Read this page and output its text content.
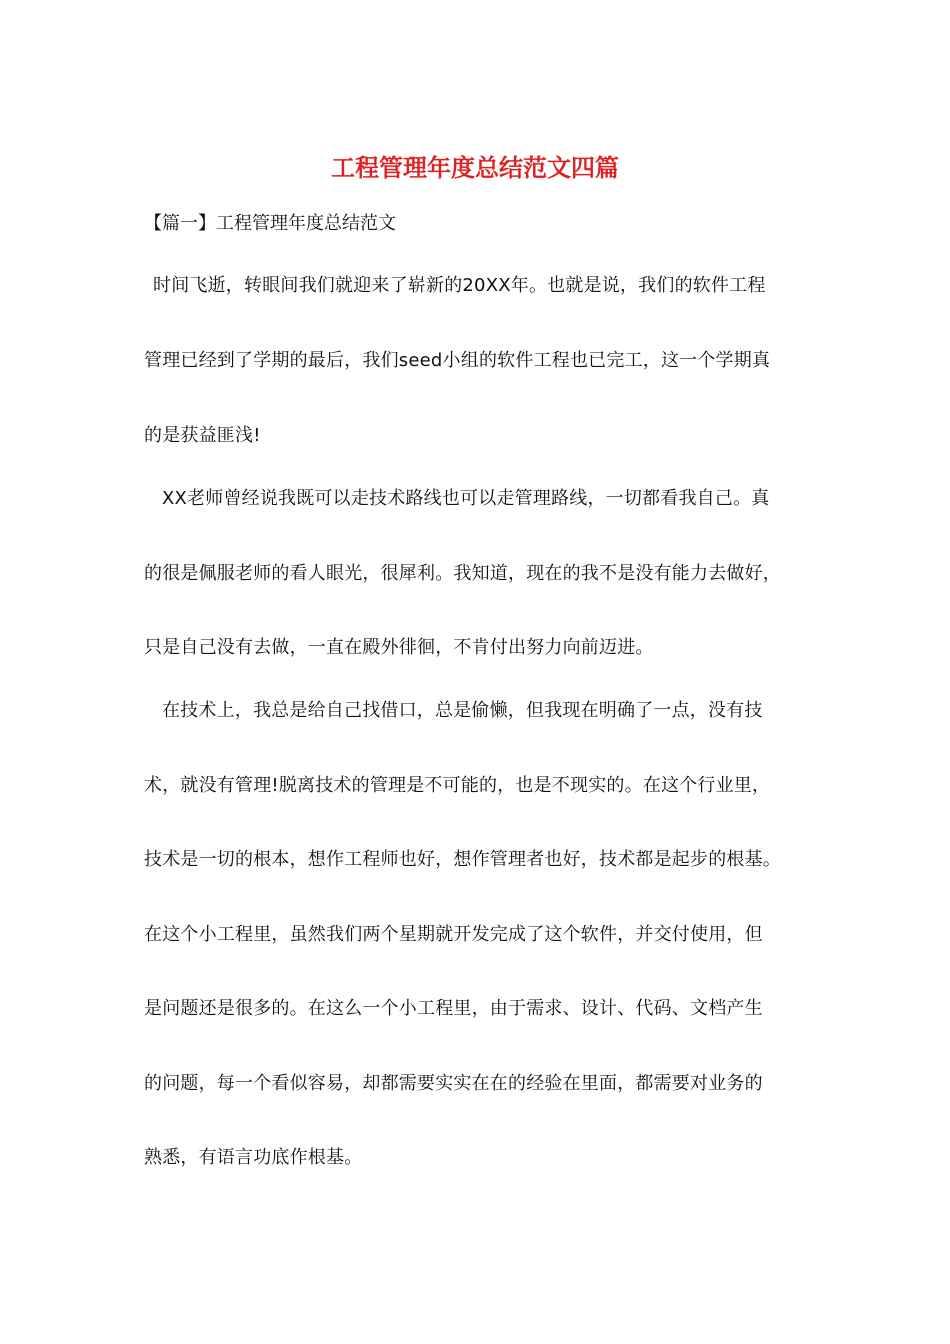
工程管理年度总结范文四篇

【篇一】工程管理年度总结范文

时间飞逝，转眼间我们就迎来了崭新的20XX年。也就是说，我们的软件工程

管理已经到了学期的最后，我们seed小组的软件工程也已完工，这一个学期真

的是获益匪浅!

XX老师曾经说我既可以走技术路线也可以走管理路线，一切都看我自己。真

的很是佩服老师的看人眼光，很犀利。我知道，现在的我不是没有能力去做好，

只是自己没有去做，一直在殿外徘徊，不肯付出努力向前迈进。

在技术上，我总是给自己找借口，总是偷懒，但我现在明确了一点，没有技

术，就没有管理!脱离技术的管理是不可能的，也是不现实的。在这个行业里，

技术是一切的根本，想作工程师也好，想作管理者也好，技术都是起步的根基。

在这个小工程里，虽然我们两个星期就开发完成了这个软件，并交付使用，但

是问题还是很多的。在这么一个小工程里，由于需求、设计、代码、文档产生

的问题，每一个看似容易，却都需要实实在在的经验在里面，都需要对业务的

熟悉，有语言功底作根基。
